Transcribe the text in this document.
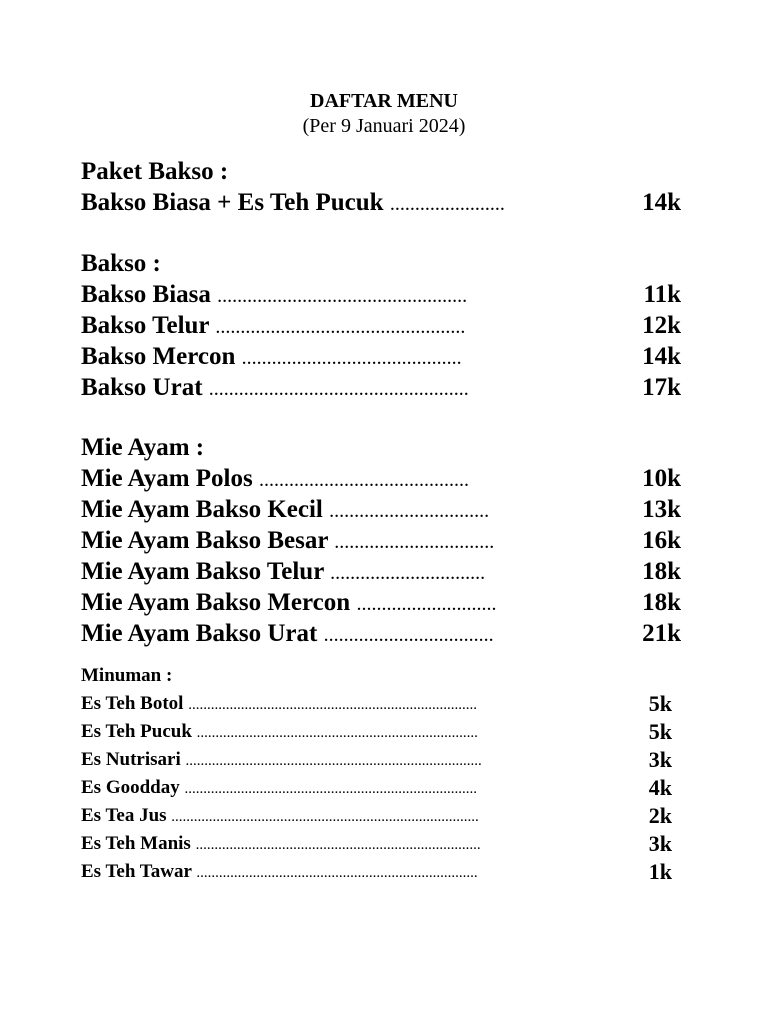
DAFTAR MENU
(Per 9 Januari 2024)
Paket Bakso :
Bakso Biasa + Es Teh Pucuk .......................	14k
Bakso :
Bakso Biasa ..................................................	11k
Bakso Telur ..................................................	12k
Bakso Mercon ............................................	14k
Bakso Urat ....................................................	17k
Mie Ayam :
Mie Ayam Polos ..........................................	10k
Mie Ayam Bakso Kecil ................................	13k
Mie Ayam Bakso Besar ................................	16k
Mie Ayam Bakso Telur ...............................	18k
Mie Ayam Bakso Mercon ............................	18k
Mie Ayam Bakso Urat ..................................	21k
Minuman :
Es Teh Botol .............................................................................	5k
Es Teh Pucuk ...........................................................................	5k
Es Nutrisari ...............................................................................	3k
Es Goodday ..............................................................................	4k
Es Tea Jus ..................................................................................	2k
Es Teh Manis ............................................................................	3k
Es Teh Tawar ...........................................................................	1k
